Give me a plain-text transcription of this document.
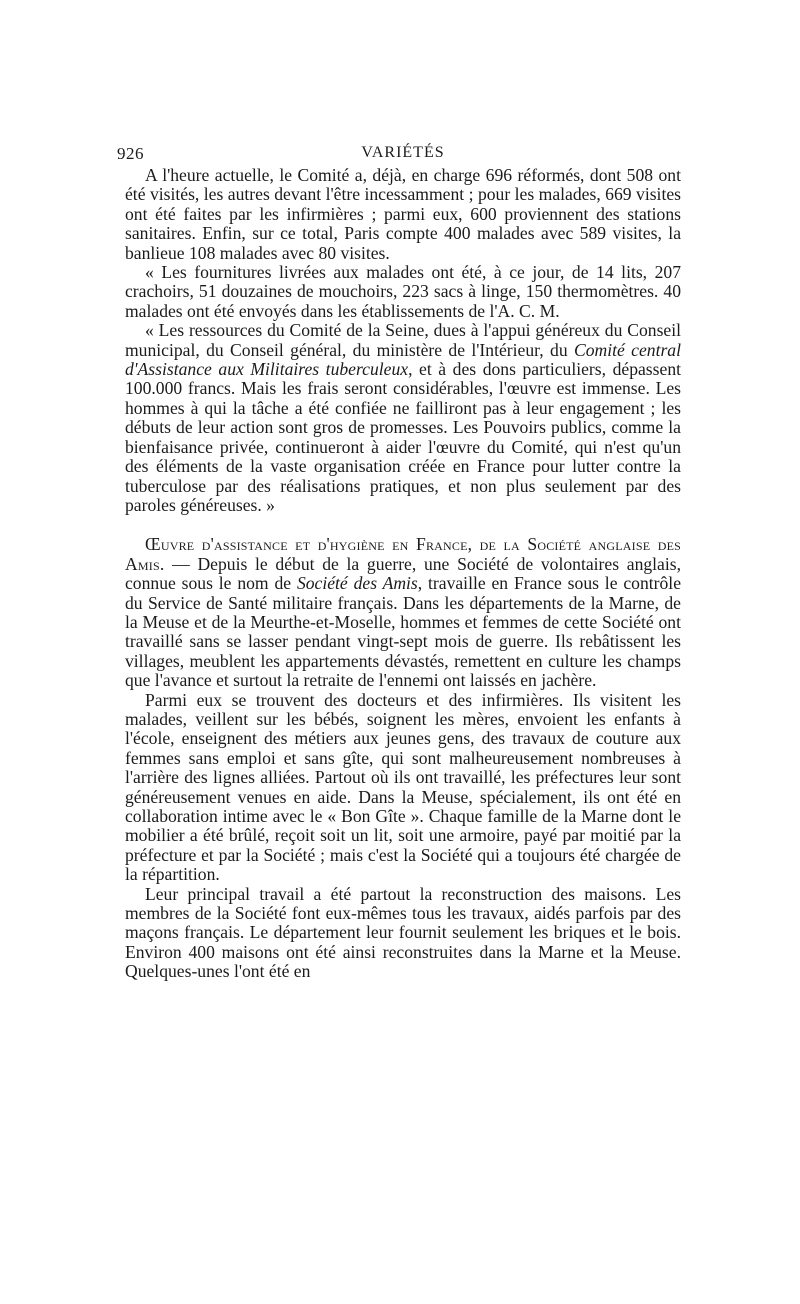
926	VARIÉTÉS

A l'heure actuelle, le Comité a, déjà, en charge 696 réformés, dont 508 ont été visités, les autres devant l'être incessamment ; pour les malades, 669 visites ont été faites par les infirmières ; parmi eux, 600 proviennent des stations sanitaires. Enfin, sur ce total, Paris compte 400 malades avec 589 visites, la banlieue 108 malades avec 80 visites.

« Les fournitures livrées aux malades ont été, à ce jour, de 14 lits, 207 crachoirs, 51 douzaines de mouchoirs, 223 sacs à linge, 150 thermomètres. 40 malades ont été envoyés dans les établissements de l'A. C. M.

« Les ressources du Comité de la Seine, dues à l'appui généreux du Conseil municipal, du Conseil général, du ministère de l'Intérieur, du Comité central d'Assistance aux Militaires tuberculeux, et à des dons particuliers, dépassent 100.000 francs. Mais les frais seront considérables, l'œuvre est immense. Les hommes à qui la tâche a été confiée ne failliront pas à leur engagement ; les débuts de leur action sont gros de promesses. Les Pouvoirs publics, comme la bienfaisance privée, continueront à aider l'œuvre du Comité, qui n'est qu'un des éléments de la vaste organisation créée en France pour lutter contre la tuberculose par des réalisations pratiques, et non plus seulement par des paroles généreuses. »

Œuvre d'assistance et d'hygiène en France, de la Société anglaise des Amis. — Depuis le début de la guerre, une Société de volontaires anglais, connue sous le nom de Société des Amis, travaille en France sous le contrôle du Service de Santé militaire français. Dans les départements de la Marne, de la Meuse et de la Meurthe-et-Moselle, hommes et femmes de cette Société ont travaillé sans se lasser pendant vingt-sept mois de guerre. Ils rebâtissent les villages, meublent les appartements dévastés, remettent en culture les champs que l'avance et surtout la retraite de l'ennemi ont laissés en jachère.

Parmi eux se trouvent des docteurs et des infirmières. Ils visitent les malades, veillent sur les bébés, soignent les mères, envoient les enfants à l'école, enseignent des métiers aux jeunes gens, des travaux de couture aux femmes sans emploi et sans gîte, qui sont malheureusement nombreuses à l'arrière des lignes alliées. Partout où ils ont travaillé, les préfectures leur sont généreusement venues en aide. Dans la Meuse, spécialement, ils ont été en collaboration intime avec le « Bon Gîte ». Chaque famille de la Marne dont le mobilier a été brûlé, reçoit soit un lit, soit une armoire, payé par moitié par la préfecture et par la Société ; mais c'est la Société qui a toujours été chargée de la répartition.

Leur principal travail a été partout la reconstruction des maisons. Les membres de la Société font eux-mêmes tous les travaux, aidés parfois par des maçons français. Le département leur fournit seulement les briques et le bois. Environ 400 maisons ont été ainsi reconstruites dans la Marne et la Meuse. Quelques-unes l'ont été en
